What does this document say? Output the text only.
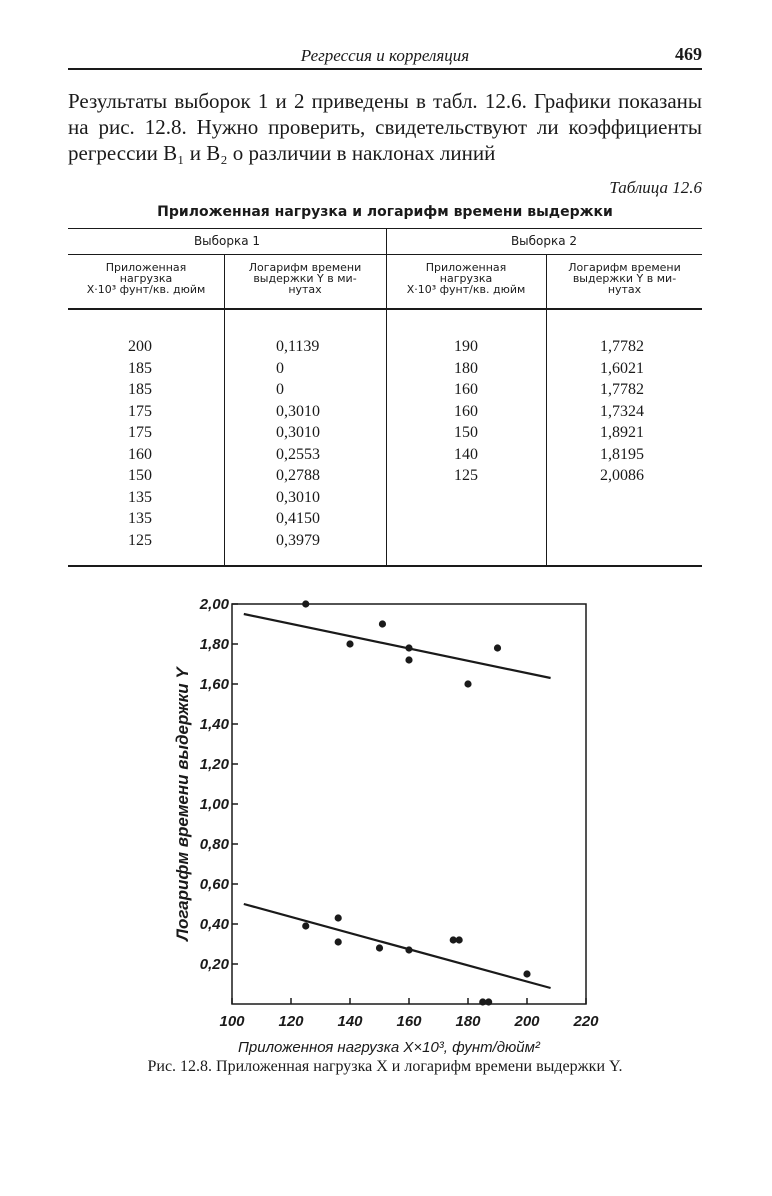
Регрессия и корреляция	469
Результаты выборок 1 и 2 приведены в табл. 12.6. Графики показаны на рис. 12.8. Нужно проверить, свидетельствуют ли коэффициенты регрессии B₁ и B₂ о различии в наклонах линий
Таблица 12.6
Приложенная нагрузка и логарифм времени выдержки
Выборка 1	Выборка 2
Приложенная
нагрузка
X·10³ фунт/кв. дюйм
Логарифм времени
выдержки Y в ми-
нутах
Приложенная
нагрузка
X·10³ фунт/кв. дюйм
Логарифм времени
выдержки Y в ми-
нутах
200
185
185
175
175
160
150
135
135
125
0,1139
0
0
0,3010
0,3010
0,2553
0,2788
0,3010
0,4150
0,3979
190
180
160
160
150
140
125
1,7782
1,6021
1,7782
1,7324
1,8921
1,8195
2,0086
0,20
0,40
0,60
0,80
1,00
1,20
1,40
1,60
1,80
2,00
100 120 140 160 180 200 220
Приложенноя нагрузка X×10³, фунт/дюйм²
Логарифм времени выдержки Y
Рис. 12.8. Приложенная нагрузка X и логарифм времени выдержки Y.
